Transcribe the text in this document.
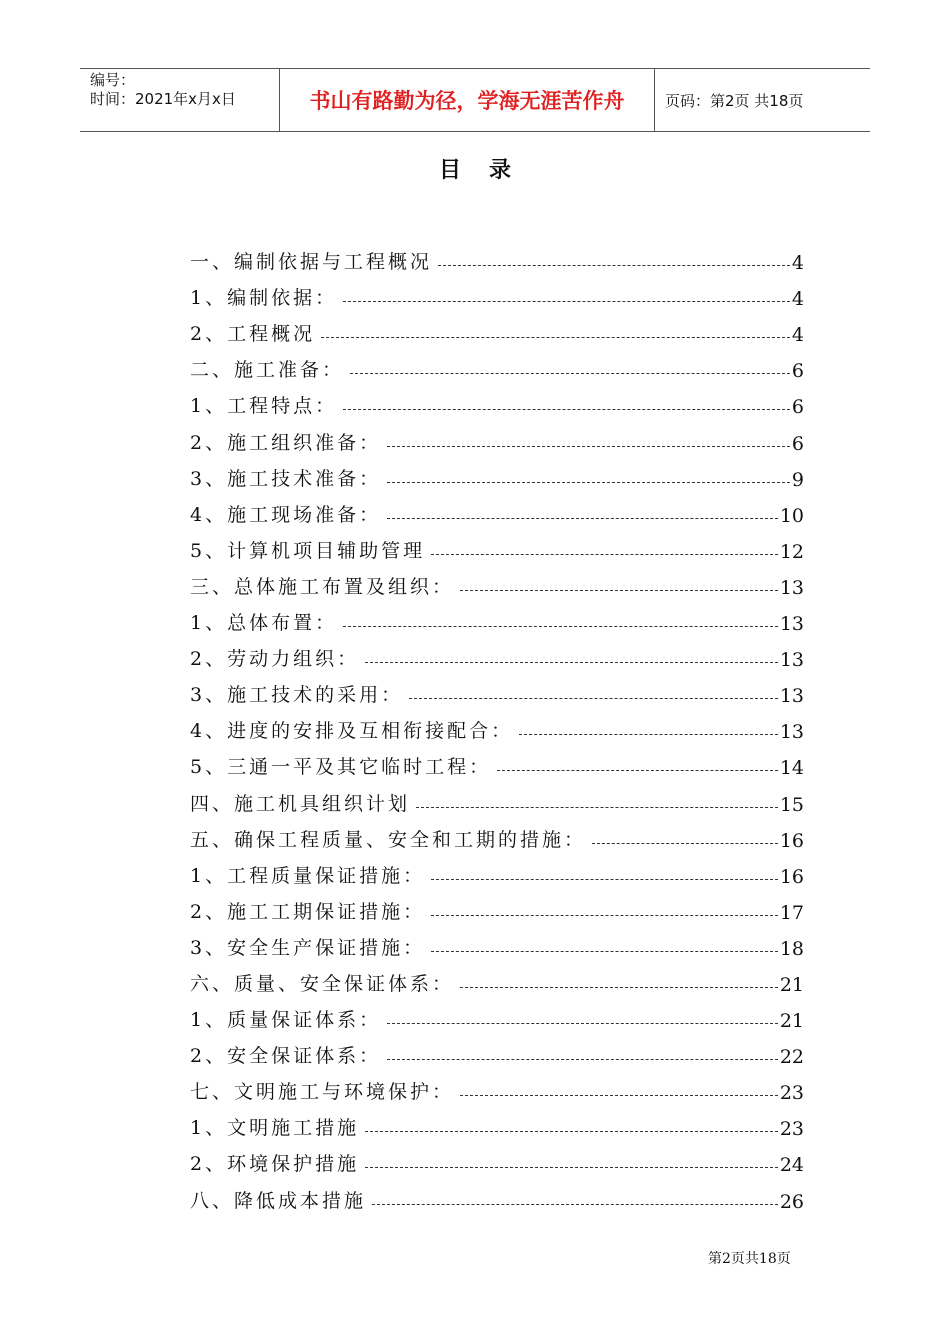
编号：
时间：2021年x月x日	书山有路勤为径，学海无涯苦作舟	页码：第2页 共18页
目录
一、编制依据与工程概况	4
1、编制依据：	4
2、工程概况	4
二、施工准备：	6
1、工程特点：	6
2、施工组织准备：	6
3、施工技术准备：	9
4、施工现场准备：	10
5、计算机项目辅助管理	12
三、总体施工布置及组织：	13
1、总体布置：	13
2、劳动力组织：	13
3、施工技术的采用：	13
4、进度的安排及互相衔接配合：	13
5、三通一平及其它临时工程：	14
四、施工机具组织计划	15
五、确保工程质量、安全和工期的措施：	16
1、工程质量保证措施：	16
2、施工工期保证措施：	17
3、安全生产保证措施：	18
六、质量、安全保证体系：	21
1、质量保证体系：	21
2、安全保证体系：	22
七、文明施工与环境保护：	23
1、文明施工措施	23
2、环境保护措施	24
八、降低成本措施	26
第2页共18页
